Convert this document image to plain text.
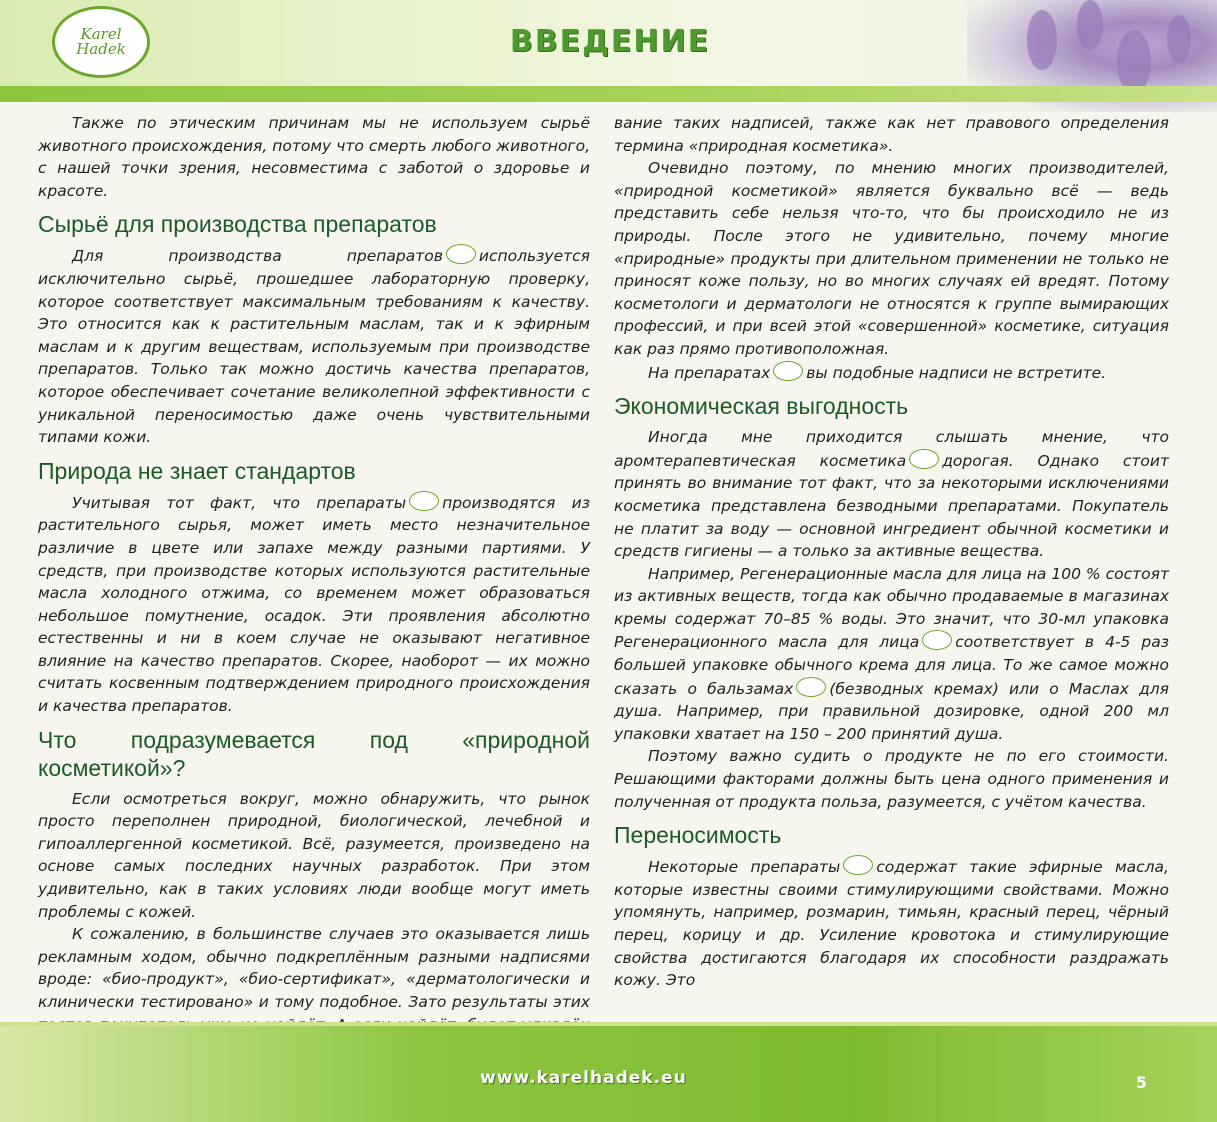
Karel
Hadek	ВВЕДЕНИЕ

Также по этическим причинам мы не используем сырьё животного происхождения, потому что смерть любого животного, с нашей точки зрения, несовместима с заботой о здоровье и красоте.

Сырьё для производства препаратов

Для производства препаратов используется исключительно сырьё, прошедшее лабораторную проверку, которое соответствует максимальным требованиям к качеству. Это относится как к растительным маслам, так и к эфирным маслам и к другим веществам, используемым при производстве препаратов. Только так можно достичь качества препаратов, которое обеспечивает сочетание великолепной эффективности с уникальной переносимостью даже очень чувствительными типами кожи.

Природа не знает стандартов

Учитывая тот факт, что препараты производятся из растительного сырья, может иметь место незначительное различие в цвете или запахе между разными партиями. У средств, при производстве которых используются растительные масла холодного отжима, со временем может образоваться небольшое помутнение, осадок. Эти проявления абсолютно естественны и ни в коем случае не оказывают негативное влияние на качество препаратов. Скорее, наоборот — их можно считать косвенным подтверждением природного происхождения и качества препаратов.

Что подразумевается под «природной косметикой»?

Если осмотреться вокруг, можно обнаружить, что рынок просто переполнен природной, биологической, лечебной и гипоаллергенной косметикой. Всё, разумеется, произведено на основе самых последних научных разработок. При этом удивительно, как в таких условиях люди вообще могут иметь проблемы с кожей.

К сожалению, в большинстве случаев это оказывается лишь рекламным ходом, обычно подкреплённым разными надписями вроде: «био-продукт», «био-сертификат», «дерматологически и клинически тестировано» и тому подобное. Зато результаты этих

вание таких надписей, также как нет правового определения термина «природная косметика».

Очевидно поэтому, по мнению многих производителей, «природной косметикой» является буквально всё — ведь представить себе нельзя что-то, что бы происходило не из природы. После этого не удивительно, почему многие «природные» продукты при длительном применении не только не приносят коже пользу, но во многих случаях ей вредят. Потому косметологи и дерматологи не относятся к группе вымирающих профессий, и при всей этой «совершенной» косметике, ситуация как раз прямо противоположная.

На препаратах вы подобные надписи не встретите.

Экономическая выгодность

Иногда мне приходится слышать мнение, что аромтерапевтическая косметика дорогая. Однако стоит принять во внимание тот факт, что за некоторыми исключениями косметика представлена безводными препаратами. Покупатель не платит за воду — основной ингредиент обычной косметики и средств гигиены — а только за активные вещества.

Например, Регенерационные масла для лица на 100 % состоят из активных веществ, тогда как обычно продаваемые в магазинах кремы содержат 70–85 % воды. Это значит, что 30-мл упаковка Регенерационного масла для лица соответствует в 4-5 раз большей упаковке обычного крема для лица. То же самое можно сказать о бальзамах (безводных кремах) или о Маслах для душа. Например, при правильной дозировке, одной 200 мл упаковки хватает на 150 – 200 принятий душа.

Поэтому важно судить о продукте не по его стоимости. Решающими факторами должны быть цена одного применения и полученная от продукта польза, разумеется, с учётом качества.

Переносимость

Некоторые препараты содержат такие эфирные масла, которые известны своими стимулирующими свойствами. Можно упомянуть, например, розмарин, тимьян, красный перец, чёрный перец, корицу и др. Усиление кровотока и стимулирующие свойства достигаются благодаря их способности раздражать кожу. Это

www.karelhadek.eu	5
